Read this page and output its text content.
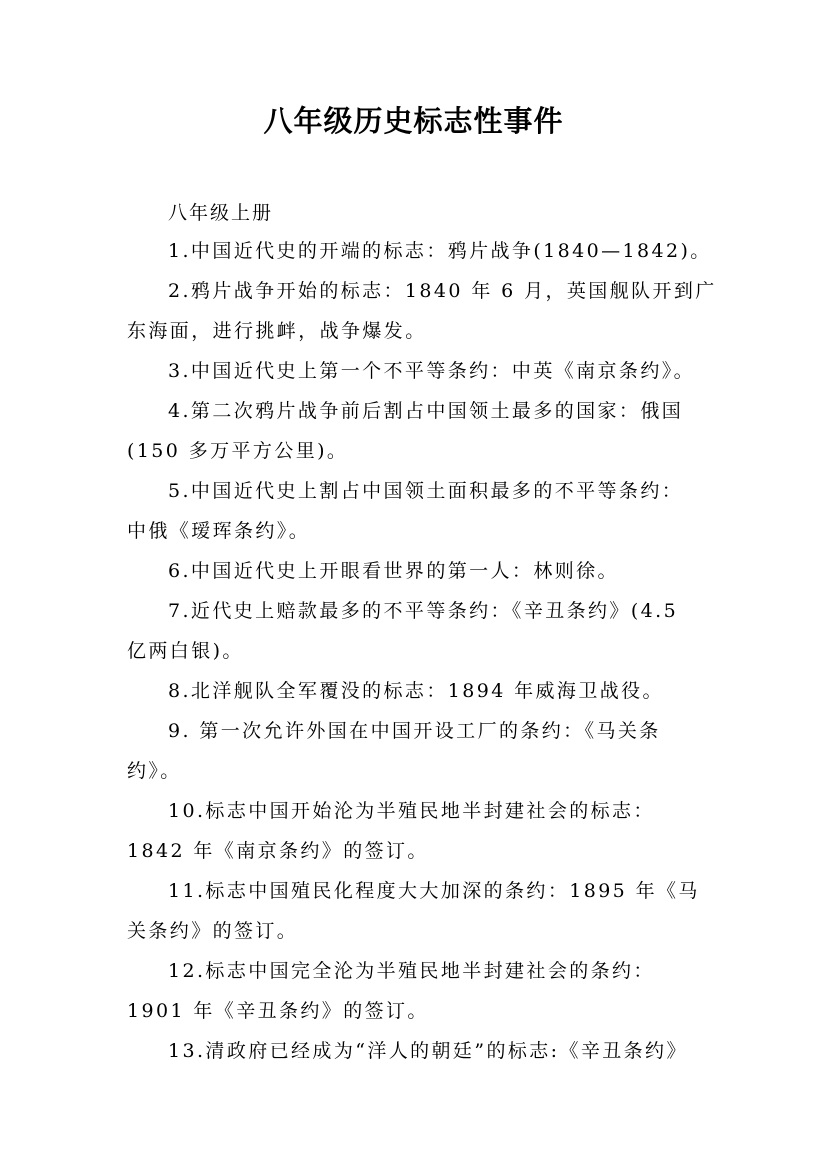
八年级历史标志性事件
八年级上册
1.中国近代史的开端的标志：鸦片战争(1840—1842)。
2.鸦片战争开始的标志：1840 年 6 月，英国舰队开到广
东海面，进行挑衅，战争爆发。
3.中国近代史上第一个不平等条约：中英《南京条约》。
4.第二次鸦片战争前后割占中国领土最多的国家：俄国
(150 多万平方公里)。
5.中国近代史上割占中国领土面积最多的不平等条约：
中俄《瑷珲条约》。
6.中国近代史上开眼看世界的第一人：林则徐。
7.近代史上赔款最多的不平等条约：《辛丑条约》(4.5
亿两白银)。
8.北洋舰队全军覆没的标志：1894 年威海卫战役。
9. 第一次允许外国在中国开设工厂的条约：《马关条
约》。
10.标志中国开始沦为半殖民地半封建社会的标志：
1842 年《南京条约》的签订。
11.标志中国殖民化程度大大加深的条约：1895 年《马
关条约》的签订。
12.标志中国完全沦为半殖民地半封建社会的条约：
1901 年《辛丑条约》的签订。
13.清政府已经成为“洋人的朝廷”的标志:《辛丑条约》
